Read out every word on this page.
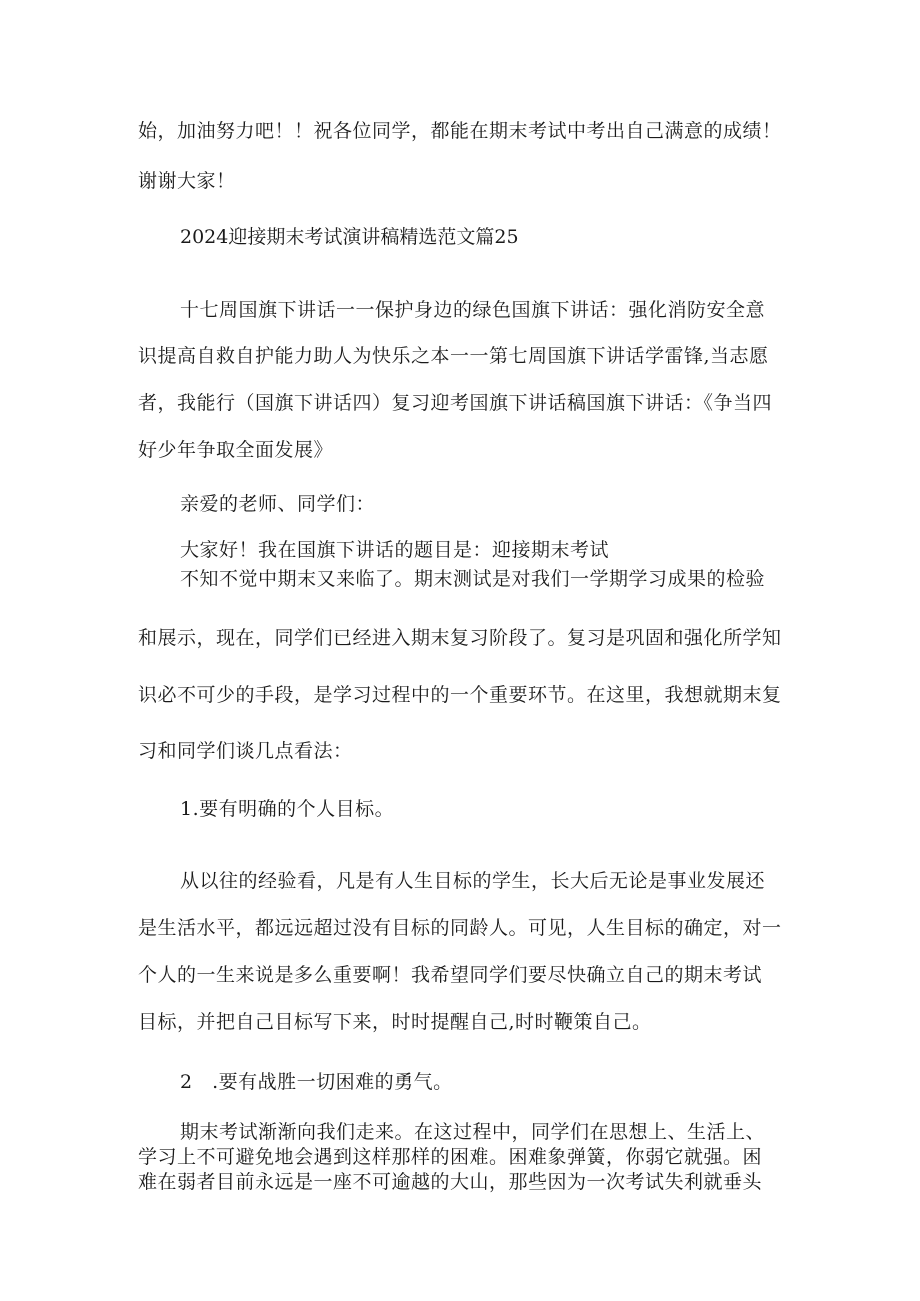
始，加油努力吧！！祝各位同学，都能在期末考试中考出自己满意的成绩！
谢谢大家！
2024迎接期末考试演讲稿精选范文篇25
十七周国旗下讲话一一保护身边的绿色国旗下讲话：强化消防安全意
识提高自救自护能力助人为快乐之本一一第七周国旗下讲话学雷锋,当志愿
者，我能行（国旗下讲话四）复习迎考国旗下讲话稿国旗下讲话：《争当四
好少年争取全面发展》
亲爱的老师、同学们：
大家好！我在国旗下讲话的题目是：迎接期末考试
不知不觉中期末又来临了。期末测试是对我们一学期学习成果的检验
和展示，现在，同学们已经进入期末复习阶段了。复习是巩固和强化所学知
识必不可少的手段，是学习过程中的一个重要环节。在这里，我想就期末复
习和同学们谈几点看法：
1.要有明确的个人目标。
从以往的经验看，凡是有人生目标的学生，长大后无论是事业发展还
是生活水平，都远远超过没有目标的同龄人。可见，人生目标的确定，对一
个人的一生来说是多么重要啊！我希望同学们要尽快确立自己的期末考试
目标，并把自己目标写下来，时时提醒自己,时时鞭策自己。
2　.要有战胜一切困难的勇气。
期末考试渐渐向我们走来。在这过程中，同学们在思想上、生活上、
学习上不可避免地会遇到这样那样的困难。困难象弹簧，你弱它就强。困
难在弱者目前永远是一座不可逾越的大山，那些因为一次考试失利就垂头
